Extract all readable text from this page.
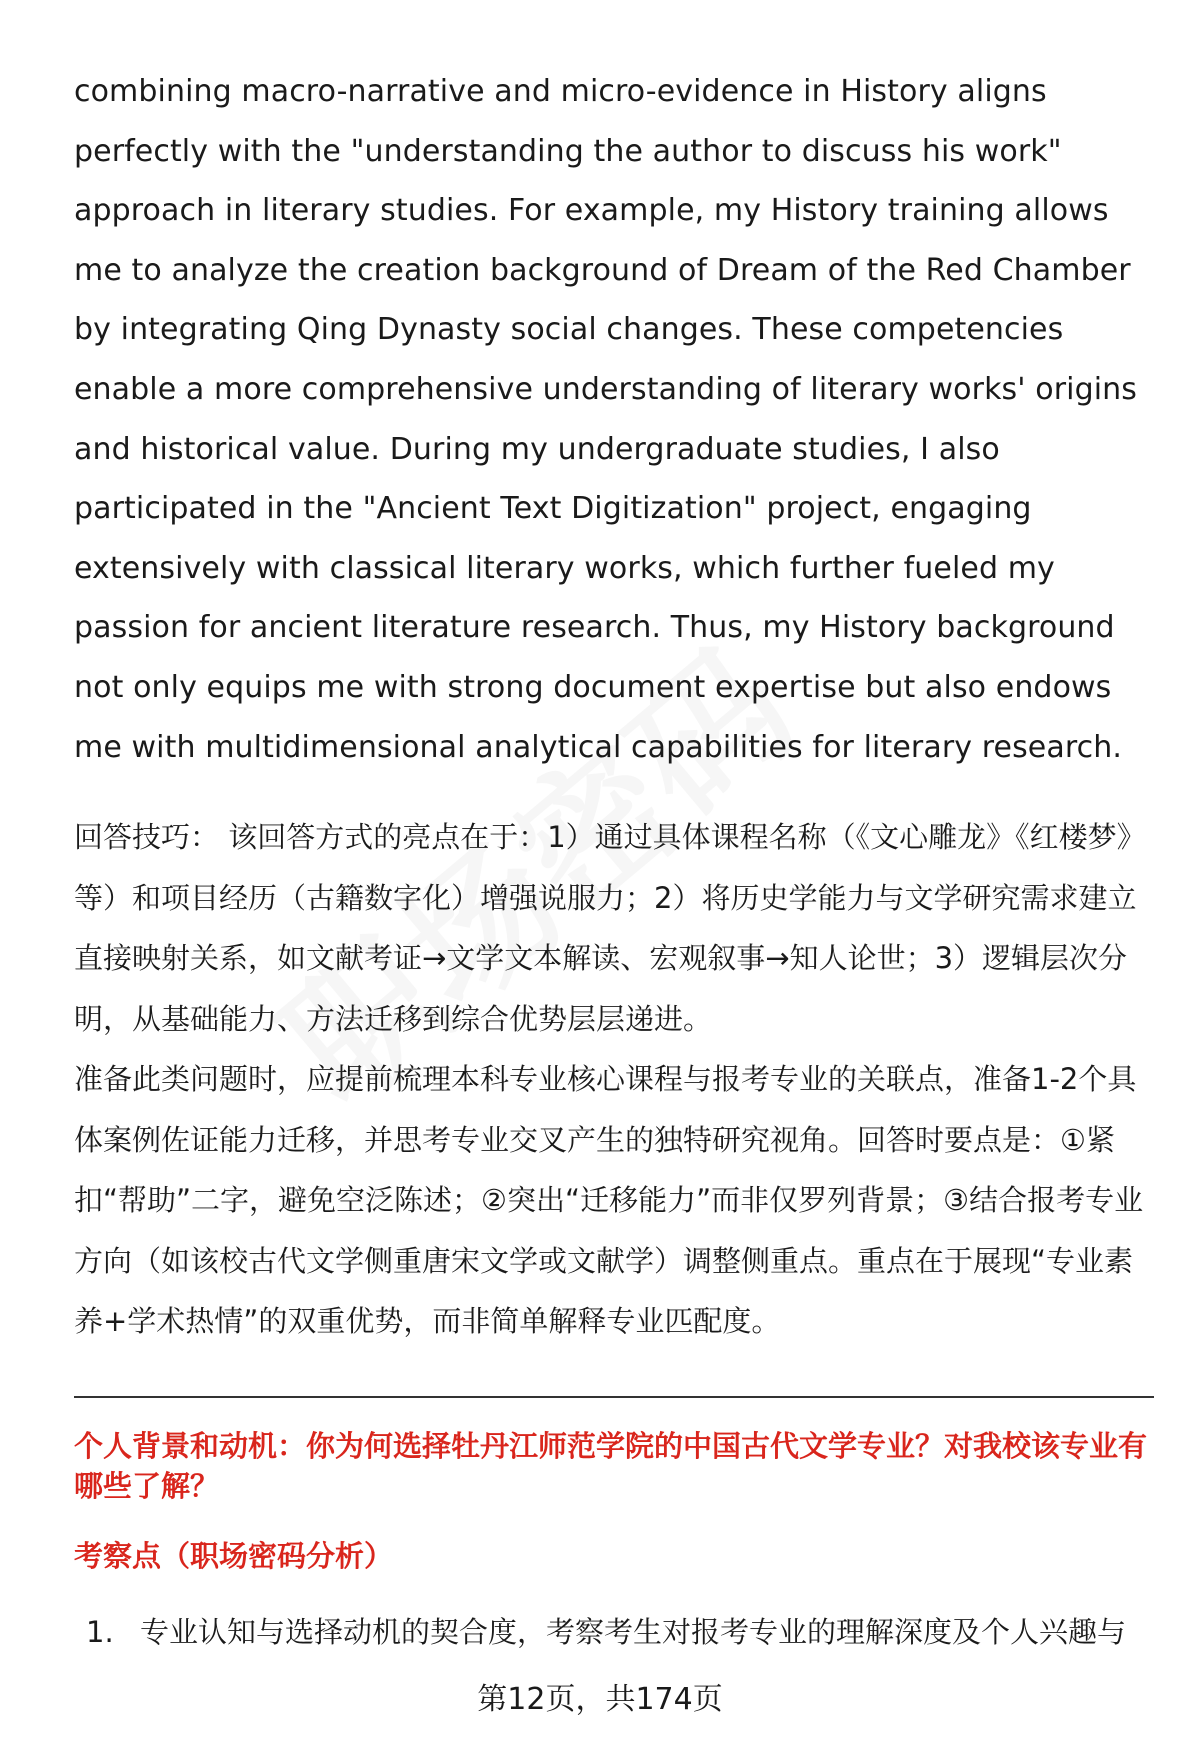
combining macro-narrative and micro-evidence in History aligns perfectly with the "understanding the author to discuss his work" approach in literary studies. For example, my History training allows me to analyze the creation background of Dream of the Red Chamber by integrating Qing Dynasty social changes. These competencies enable a more comprehensive understanding of literary works' origins and historical value. During my undergraduate studies, I also participated in the "Ancient Text Digitization" project, engaging extensively with classical literary works, which further fueled my passion for ancient literature research. Thus, my History background not only equips me with strong document expertise but also endows me with multidimensional analytical capabilities for literary research.

回答技巧： 该回答方式的亮点在于：1）通过具体课程名称（《文心雕龙》《红楼梦》等）和项目经历（古籍数字化）增强说服力；2）将历史学能力与文学研究需求建立直接映射关系，如文献考证→文学文本解读、宏观叙事→知人论世；3）逻辑层次分明，从基础能力、方法迁移到综合优势层层递进。

准备此类问题时，应提前梳理本科专业核心课程与报考专业的关联点，准备1-2个具体案例佐证能力迁移，并思考专业交叉产生的独特研究视角。回答时要点是：①紧扣“帮助”二字，避免空泛陈述；②突出“迁移能力”而非仅罗列背景；③结合报考专业方向（如该校古代文学侧重唐宋文学或文献学）调整侧重点。重点在于展现“专业素养+学术热情”的双重优势，而非简单解释专业匹配度。

个人背景和动机：你为何选择牡丹江师范学院的中国古代文学专业？对我校该专业有哪些了解？
考察点（职场密码分析）
1. 专业认知与选择动机的契合度，考察考生对报考专业的理解深度及个人兴趣与
第12页，共174页
